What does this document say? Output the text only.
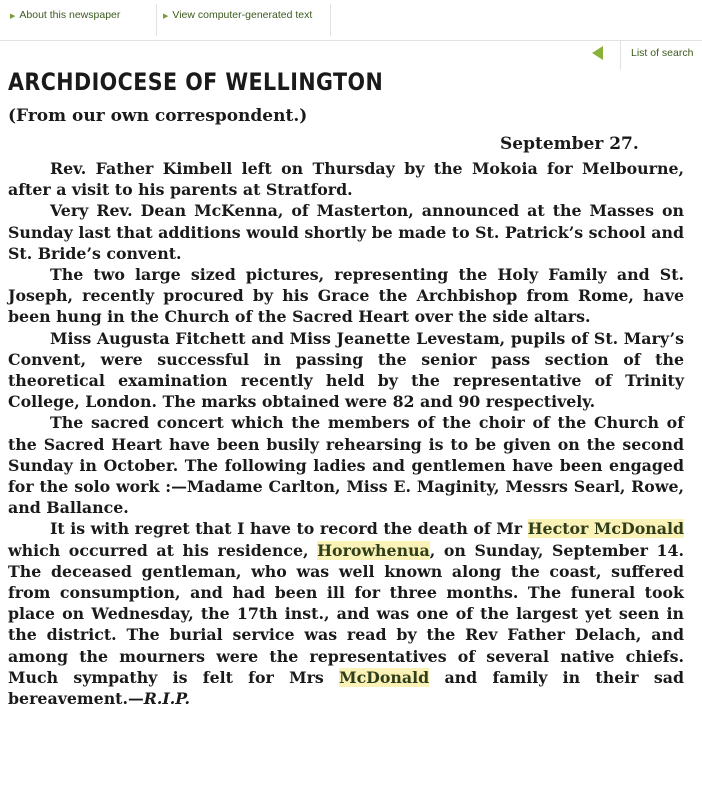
▶ About this newspaper	▶ View computer-generated text
List of search
ARCHDIOCESE OF WELLINGTON
(From our own correspondent.)
September 27.

Rev. Father Kimbell left on Thursday by the Mokoia for Melbourne, after a visit to his parents at Stratford.

Very Rev. Dean McKenna, of Masterton, announced at the Masses on Sunday last that additions would shortly be made to St. Patrick’s school and St. Bride’s convent.

The two large sized pictures, representing the Holy Family and St. Joseph, recently procured by his Grace the Archbishop from Rome, have been hung in the Church of the Sacred Heart over the side altars.

Miss Augusta Fitchett and Miss Jeanette Levestam, pupils of St. Mary’s Convent, were successful in passing the senior pass section of the theoretical examination recently held by the representative of Trinity College, London. The marks obtained were 82 and 90 respectively.

The sacred concert which the members of the choir of the Church of the Sacred Heart have been busily rehearsing is to be given on the second Sunday in October. The following ladies and gentlemen have been engaged for the solo work :—Madame Carlton, Miss E. Maginity, Messrs Searl, Rowe, and Ballance.

It is with regret that I have to record the death of Mr Hector McDonald which occurred at his residence, Horowhenua, on Sunday, September 14. The deceased gentleman, who was well known along the coast, suffered from consumption, and had been ill for three months. The funeral took place on Wednesday, the 17th inst., and was one of the largest yet seen in the district. The burial service was read by the Rev Father Delach, and among the mourners were the representatives of several native chiefs. Much sympathy is felt for Mrs McDonald and family in their sad bereavement.—R.I.P.
